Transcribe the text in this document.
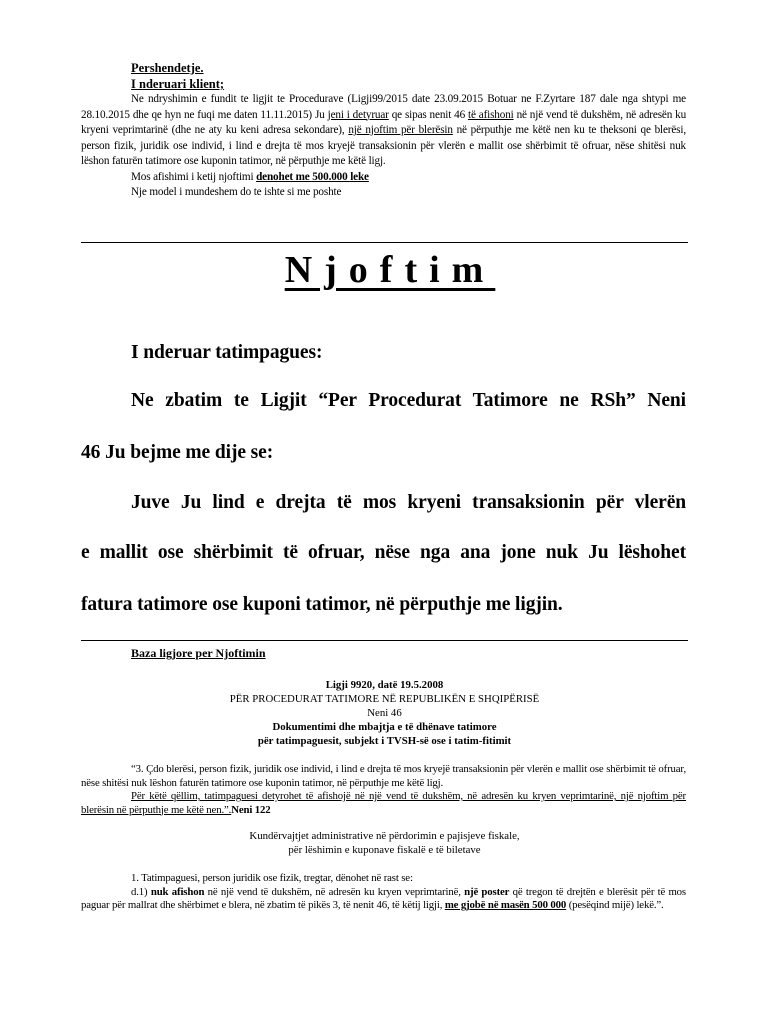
Pershendetje.
I nderuari klient;
Ne ndryshimin e fundit te ligjit te Procedurave (Ligji99/2015 date 23.09.2015 Botuar ne F.Zyrtare 187 dale nga shtypi me 28.10.2015 dhe qe hyn ne fuqi me daten 11.11.2015) Ju jeni i detyruar qe sipas nenit 46 të afishoni në një vend të dukshëm, në adresën ku kryeni veprimtarinë (dhe ne aty ku keni adresa sekondare), një njoftim për blerësin në përputhje me këtë nen ku te theksoni qe blerësi, person fizik, juridik ose individ, i lind e drejta të mos kryejë transaksionin për vlerën e mallit ose shërbimit të ofruar, nëse shitësi nuk lëshon faturën tatimore ose kuponin tatimor, në përputhje me këtë ligj.
Mos afishimi i ketij njoftimi denohet me 500.000 leke
Nje model i mundeshem do te ishte si me poshte
Njoftim
I nderuar tatimpagues:
Ne zbatim te Ligjit “Per Procedurat Tatimore ne RSh” Neni
46 Ju bejme me dije se:
Juve Ju lind e drejta të mos kryeni transaksionin për vlerën
e mallit ose shërbimit të ofruar, nëse nga ana jone nuk Ju lëshohet
fatura tatimore ose kuponi tatimor, në përputhje me ligjin.
Baza ligjore per Njoftimin
Ligji 9920, datë 19.5.2008
PËR PROCEDURAT TATIMORE NË REPUBLIKËN E SHQIPËRISË
Neni 46
Dokumentimi dhe mbajtja e të dhënave tatimore
për tatimpaguesit, subjekt i TVSH-së ose i tatim-fitimit
“3. Çdo blerësi, person fizik, juridik ose individ, i lind e drejta të mos kryejë transaksionin për vlerën e mallit ose shërbimit të ofruar, nëse shitësi nuk lëshon faturën tatimore ose kuponin tatimor, në përputhje me këtë ligj.
Për këtë qëllim, tatimpaguesi detyrohet të afishojë në një vend të dukshëm, në adresën ku kryen veprimtarinë, një njoftim për blerësin në përputhje me këtë nen.”.Neni 122
Kundërvajtjet administrative në përdorimin e pajisjeve fiskale,
për lëshimin e kuponave fiskalë e të biletave
1. Tatimpaguesi, person juridik ose fizik, tregtar, dënohet në rast se:
d.1) nuk afishon në një vend të dukshëm, në adresën ku kryen veprimtarinë, një poster që tregon të drejtën e blerësit për të mos paguar për mallrat dhe shërbimet e blera, në zbatim të pikës 3, të nenit 46, të këtij ligji, me gjobë në masën 500 000 (pesëqind mijë) lekë.”.
